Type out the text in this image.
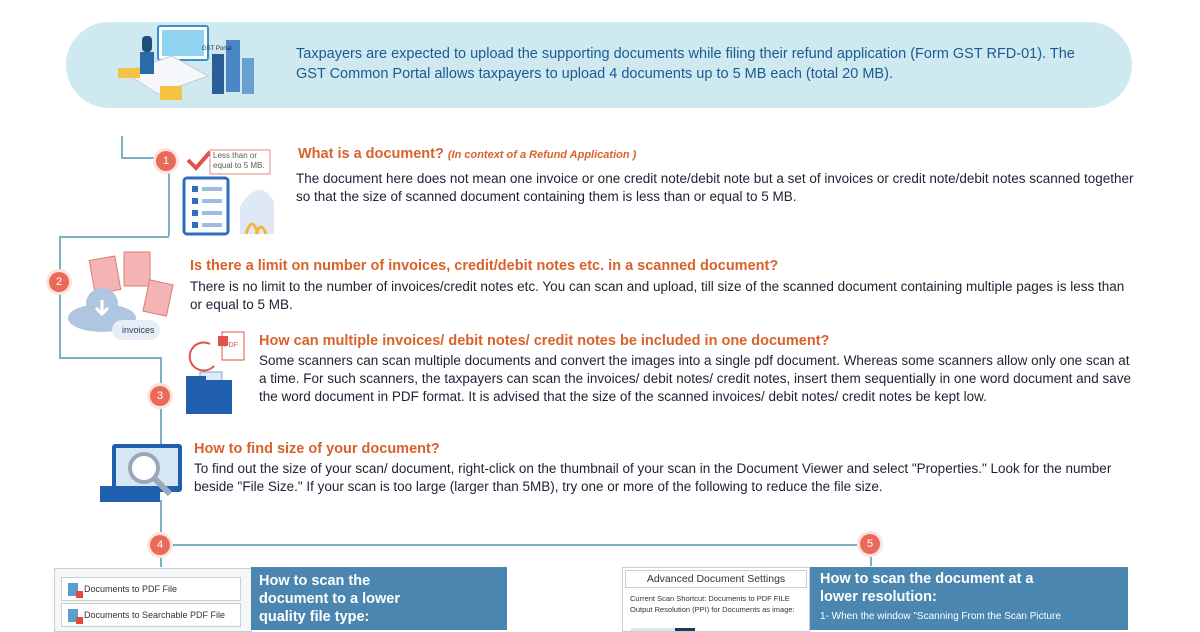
GST Portal	Taxpayers are expected to upload the supporting documents while filing their refund application (Form GST RFD-01). The GST Common Portal allows taxpayers to upload 4 documents up to 5 MB each (total 20 MB).
1	Less than or equal to 5 MB.
What is a document? (In context of a Refund Application )
The document here does not mean one invoice or one credit note/debit note but a set of invoices or credit note/debit notes scanned together so that the size of scanned document containing them is less than or equal to 5 MB.
2
invoices
Is there a limit on number of invoices, credit/debit notes etc. in a scanned document?
There is no limit to the number of invoices/credit notes etc. You can scan and upload, till size of the scanned document containing multiple pages is less than or equal to 5 MB.
3
PDF How can multiple invoices/ debit notes/ credit notes be included in one document?
Some scanners can scan multiple documents and convert the images into a single pdf document. Whereas some scanners allow only one scan at a time. For such scanners, the taxpayers can scan the invoices/ debit notes/ credit notes, insert them sequentially in one word document and save the word document in PDF format. It is advised that the size of the scanned invoices/ debit notes/ credit notes be kept low.
How to find size of your document?
To find out the size of your scan/ document, right-click on the thumbnail of your scan in the Document Viewer and select "Properties." Look for the number beside "File Size." If your scan is too large (larger than 5MB), try one or more of the following to reduce the file size.
4
Documents to PDF File
Documents to Searchable PDF File
How to scan the document to a lower quality file type:
5
Advanced Document Settings
Current Scan Shortcut: Documents to PDF FILE
Output Resolution (PPI) for Documents as image:
How to scan the document at a lower resolution:
1- When the window "Scanning From the Scan Picture
